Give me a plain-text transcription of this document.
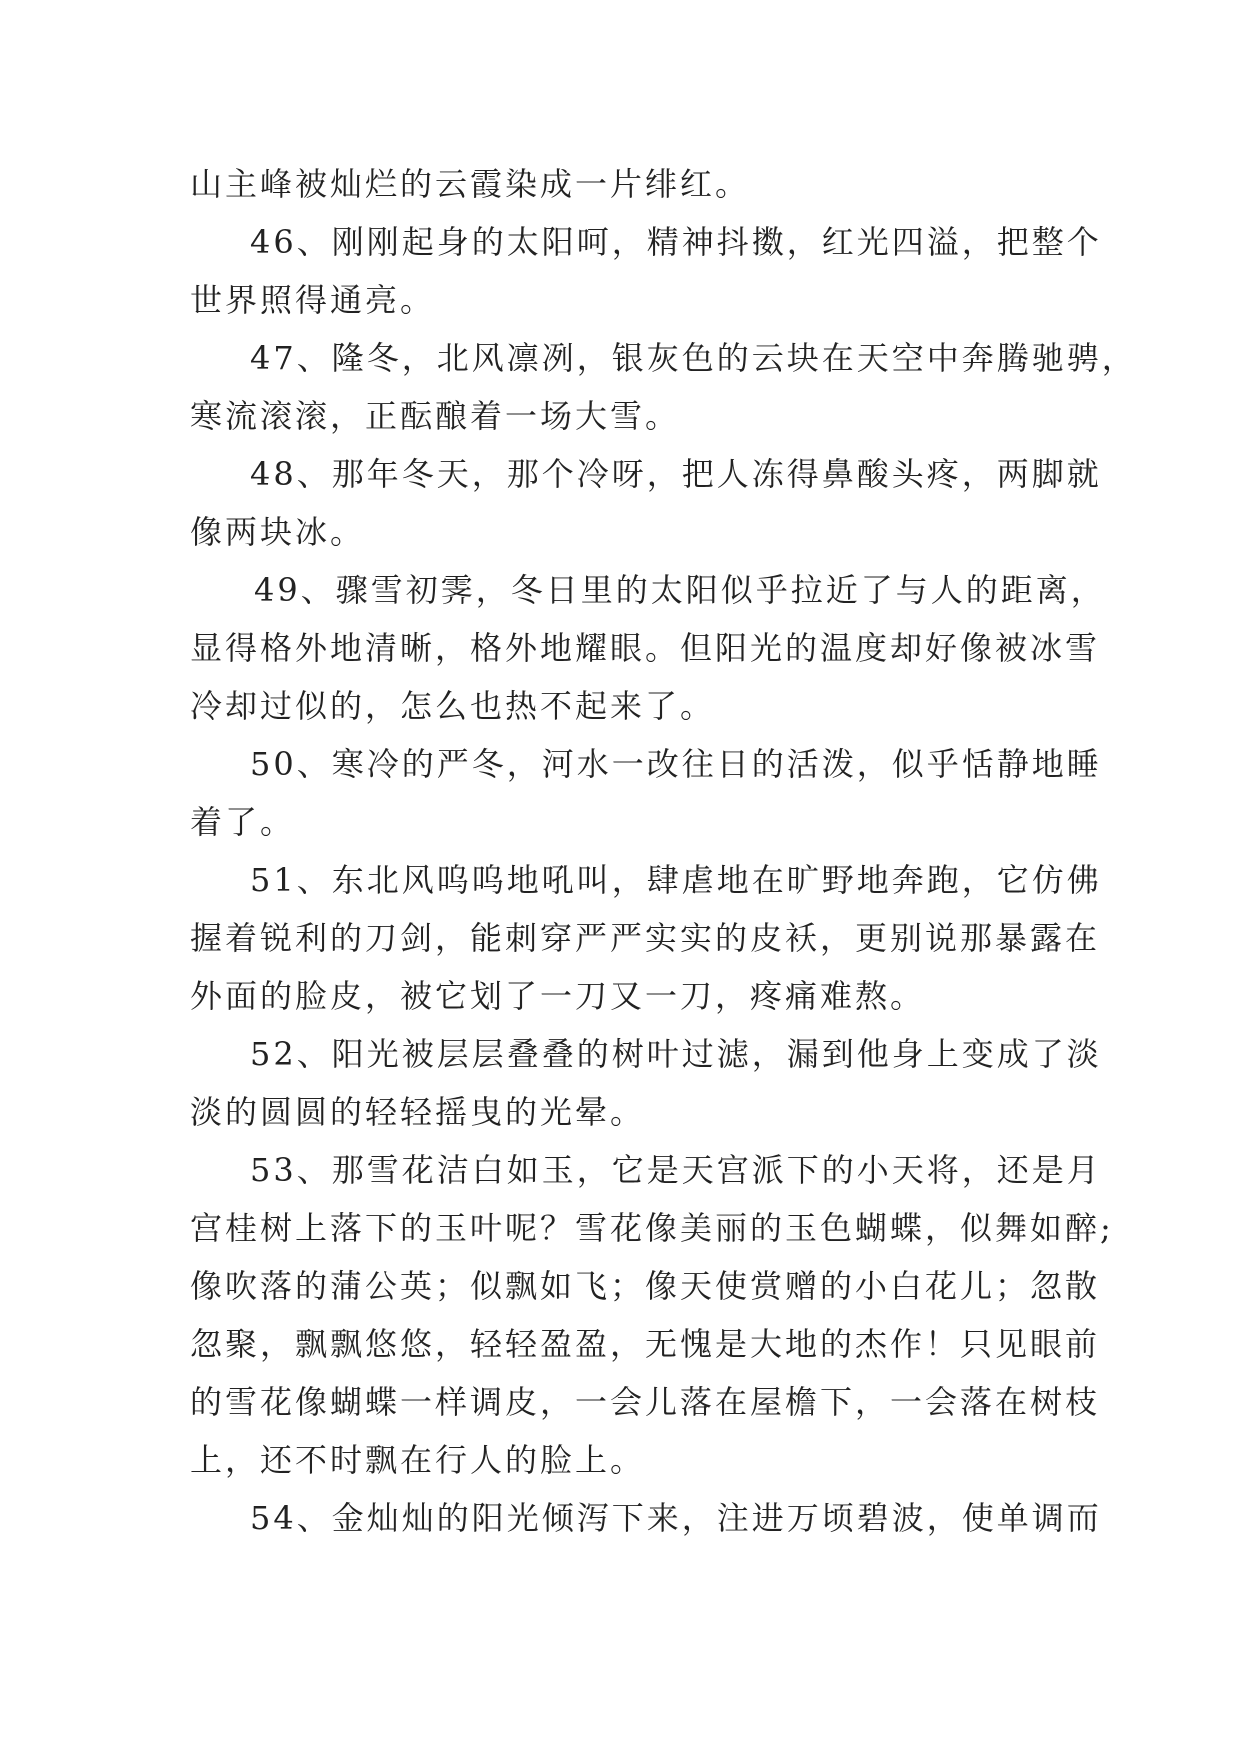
山主峰被灿烂的云霞染成一片绯红。
46、刚刚起身的太阳呵，精神抖擞，红光四溢，把整个
世界照得通亮。
47、隆冬，北风凛冽，银灰色的云块在天空中奔腾驰骋，
寒流滚滚，正酝酿着一场大雪。
48、那年冬天，那个冷呀，把人冻得鼻酸头疼，两脚就
像两块冰。
49、骤雪初霁，冬日里的太阳似乎拉近了与人的距离，
显得格外地清晰，格外地耀眼。但阳光的温度却好像被冰雪
冷却过似的，怎么也热不起来了。
50、寒冷的严冬，河水一改往日的活泼，似乎恬静地睡
着了。
51、东北风呜呜地吼叫，肆虐地在旷野地奔跑，它仿佛
握着锐利的刀剑，能刺穿严严实实的皮袄，更别说那暴露在
外面的脸皮，被它划了一刀又一刀，疼痛难熬。
52、阳光被层层叠叠的树叶过滤，漏到他身上变成了淡
淡的圆圆的轻轻摇曳的光晕。
53、那雪花洁白如玉，它是天宫派下的小天将，还是月
宫桂树上落下的玉叶呢？雪花像美丽的玉色蝴蝶，似舞如醉;
像吹落的蒲公英；似飘如飞；像天使赏赠的小白花儿；忽散
忽聚，飘飘悠悠，轻轻盈盈，无愧是大地的杰作！只见眼前
的雪花像蝴蝶一样调皮，一会儿落在屋檐下，一会落在树枝
上，还不时飘在行人的脸上。
54、金灿灿的阳光倾泻下来，注进万顷碧波，使单调而
